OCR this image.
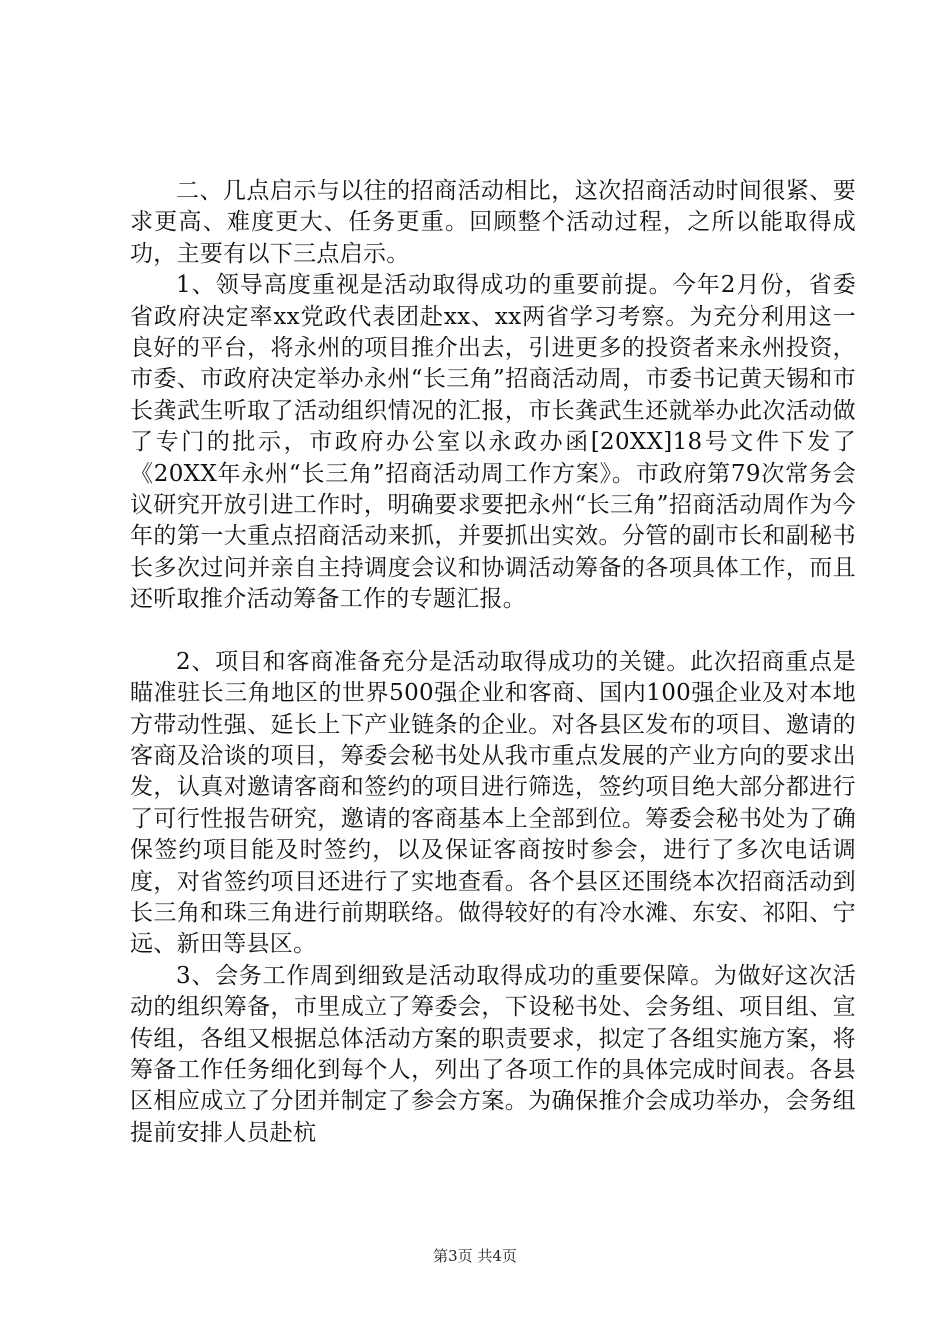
二、几点启示与以往的招商活动相比，这次招商活动时间很紧、要求更高、难度更大、任务更重。回顾整个活动过程，之所以能取得成功，主要有以下三点启示。

1、领导高度重视是活动取得成功的重要前提。今年2月份，省委省政府决定率xx党政代表团赴xx、xx两省学习考察。为充分利用这一良好的平台，将永州的项目推介出去，引进更多的投资者来永州投资，市委、市政府决定举办永州“长三角”招商活动周，市委书记黄天锡和市长龚武生听取了活动组织情况的汇报，市长龚武生还就举办此次活动做了专门的批示，市政府办公室以永政办函[20XX]18号文件下发了《20XX年永州“长三角”招商活动周工作方案》。市政府第79次常务会议研究开放引进工作时，明确要求要把永州“长三角”招商活动周作为今年的第一大重点招商活动来抓，并要抓出实效。分管的副市长和副秘书长多次过问并亲自主持调度会议和协调活动筹备的各项具体工作，而且还听取推介活动筹备工作的专题汇报。

2、项目和客商准备充分是活动取得成功的关键。此次招商重点是瞄准驻长三角地区的世界500强企业和客商、国内100强企业及对本地方带动性强、延长上下产业链条的企业。对各县区发布的项目、邀请的客商及洽谈的项目，筹委会秘书处从我市重点发展的产业方向的要求出发，认真对邀请客商和签约的项目进行筛选，签约项目绝大部分都进行了可行性报告研究，邀请的客商基本上全部到位。筹委会秘书处为了确保签约项目能及时签约，以及保证客商按时参会，进行了多次电话调度，对省签约项目还进行了实地查看。各个县区还围绕本次招商活动到长三角和珠三角进行前期联络。做得较好的有冷水滩、东安、祁阳、宁远、新田等县区。

3、会务工作周到细致是活动取得成功的重要保障。为做好这次活动的组织筹备，市里成立了筹委会，下设秘书处、会务组、项目组、宣传组，各组又根据总体活动方案的职责要求，拟定了各组实施方案，将筹备工作任务细化到每个人，列出了各项工作的具体完成时间表。各县区相应成立了分团并制定了参会方案。为确保推介会成功举办，会务组提前安排人员赴杭

第3页 共4页
